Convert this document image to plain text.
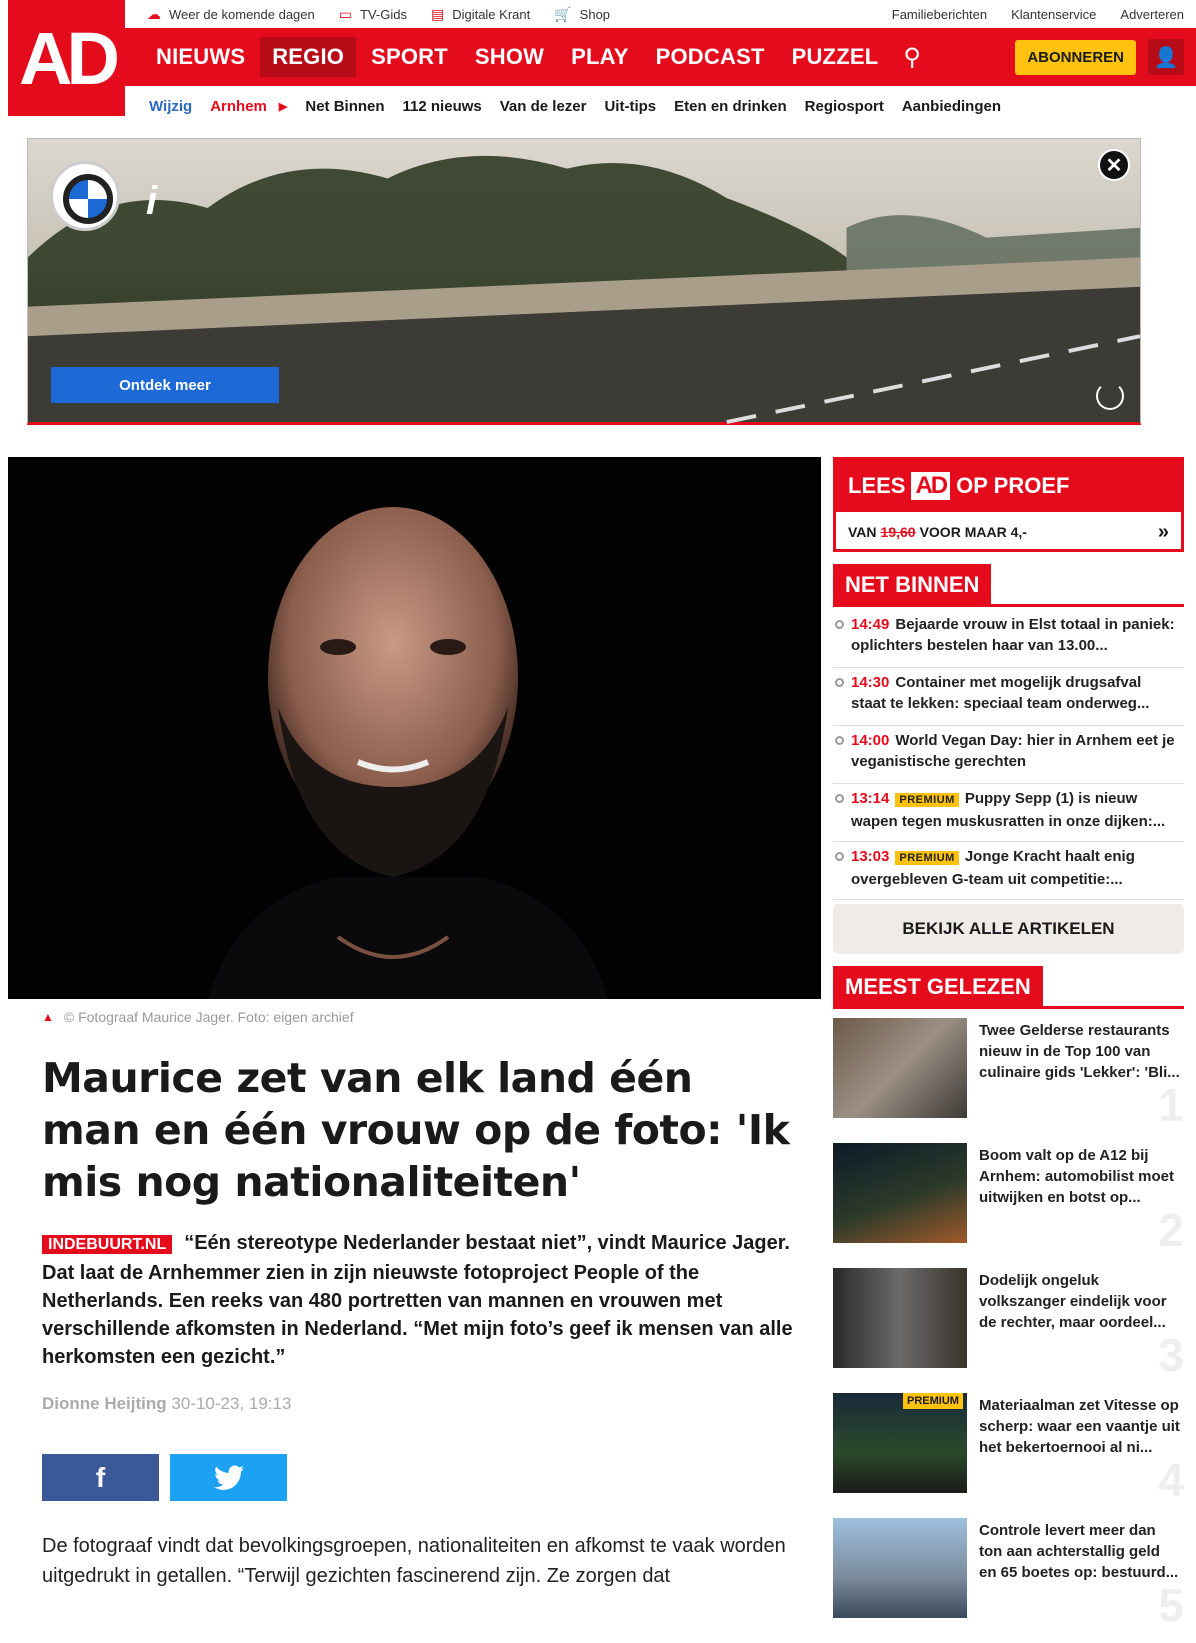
AD
☁ Weer de komende dagen ▭ TV-Gids ▤ Digitale Krant 🛒 Shop	Familieberichten Klantenservice Adverteren
NIEUWS	REGIO	SPORT	SHOW	PLAY	PODCAST	PUZZEL	⚲	ABONNEREN	👤
Wijzig Arnhem ▶ Net Binnen 112 nieuws Van de lezer Uit-tips Eten en drinken Regiosport Aanbiedingen
i
Ontdek meer
✕
▲ © Fotograaf Maurice Jager. Foto: eigen archief
Maurice zet van elk land één man en één vrouw op de foto: 'Ik mis nog nationaliteiten'
INDEBUURT.NL “Eén stereotype Nederlander bestaat niet”, vindt Maurice Jager. Dat laat de Arnhemmer zien in zijn nieuwste fotoproject People of the Netherlands. Een reeks van 480 portretten van mannen en vrouwen met verschillende afkomsten in Nederland. “Met mijn foto’s geef ik mensen van alle herkomsten een gezicht.”
Dionne Heijting 30-10-23, 19:13
f

De fotograaf vindt dat bevolkingsgroepen, nationaliteiten en afkomst te vaak worden uitgedrukt in getallen. “Terwijl gezichten fascinerend zijn. Ze zorgen dat

LEES AD OP PROEF
VAN 19,60 VOOR MAAR 4,-	»
NET BINNEN
14:49 Bejaarde vrouw in Elst totaal in paniek: oplichters bestelen haar van 13.00...
14:30 Container met mogelijk drugsafval staat te lekken: speciaal team onderweg...
14:00 World Vegan Day: hier in Arnhem eet je veganistische gerechten
13:14 PREMIUM Puppy Sepp (1) is nieuw wapen tegen muskusratten in onze dijken:...
13:03 PREMIUM Jonge Kracht haalt enig overgebleven G-team uit competitie:...
BEKIJK ALLE ARTIKELEN
MEEST GELEZEN
Twee Gelderse restaurants nieuw in de Top 100 van culinaire gids 'Lekker': 'Bli...
1
Boom valt op de A12 bij Arnhem: automobilist moet uitwijken en botst op...
2
Dodelijk ongeluk volkszanger eindelijk voor de rechter, maar oordeel...
3
PREMIUM Materiaalman zet Vitesse op scherp: waar een vaantje uit het bekertoernooi al ni...
4
Controle levert meer dan ton aan achterstallig geld en 65 boetes op: bestuurd...
5
